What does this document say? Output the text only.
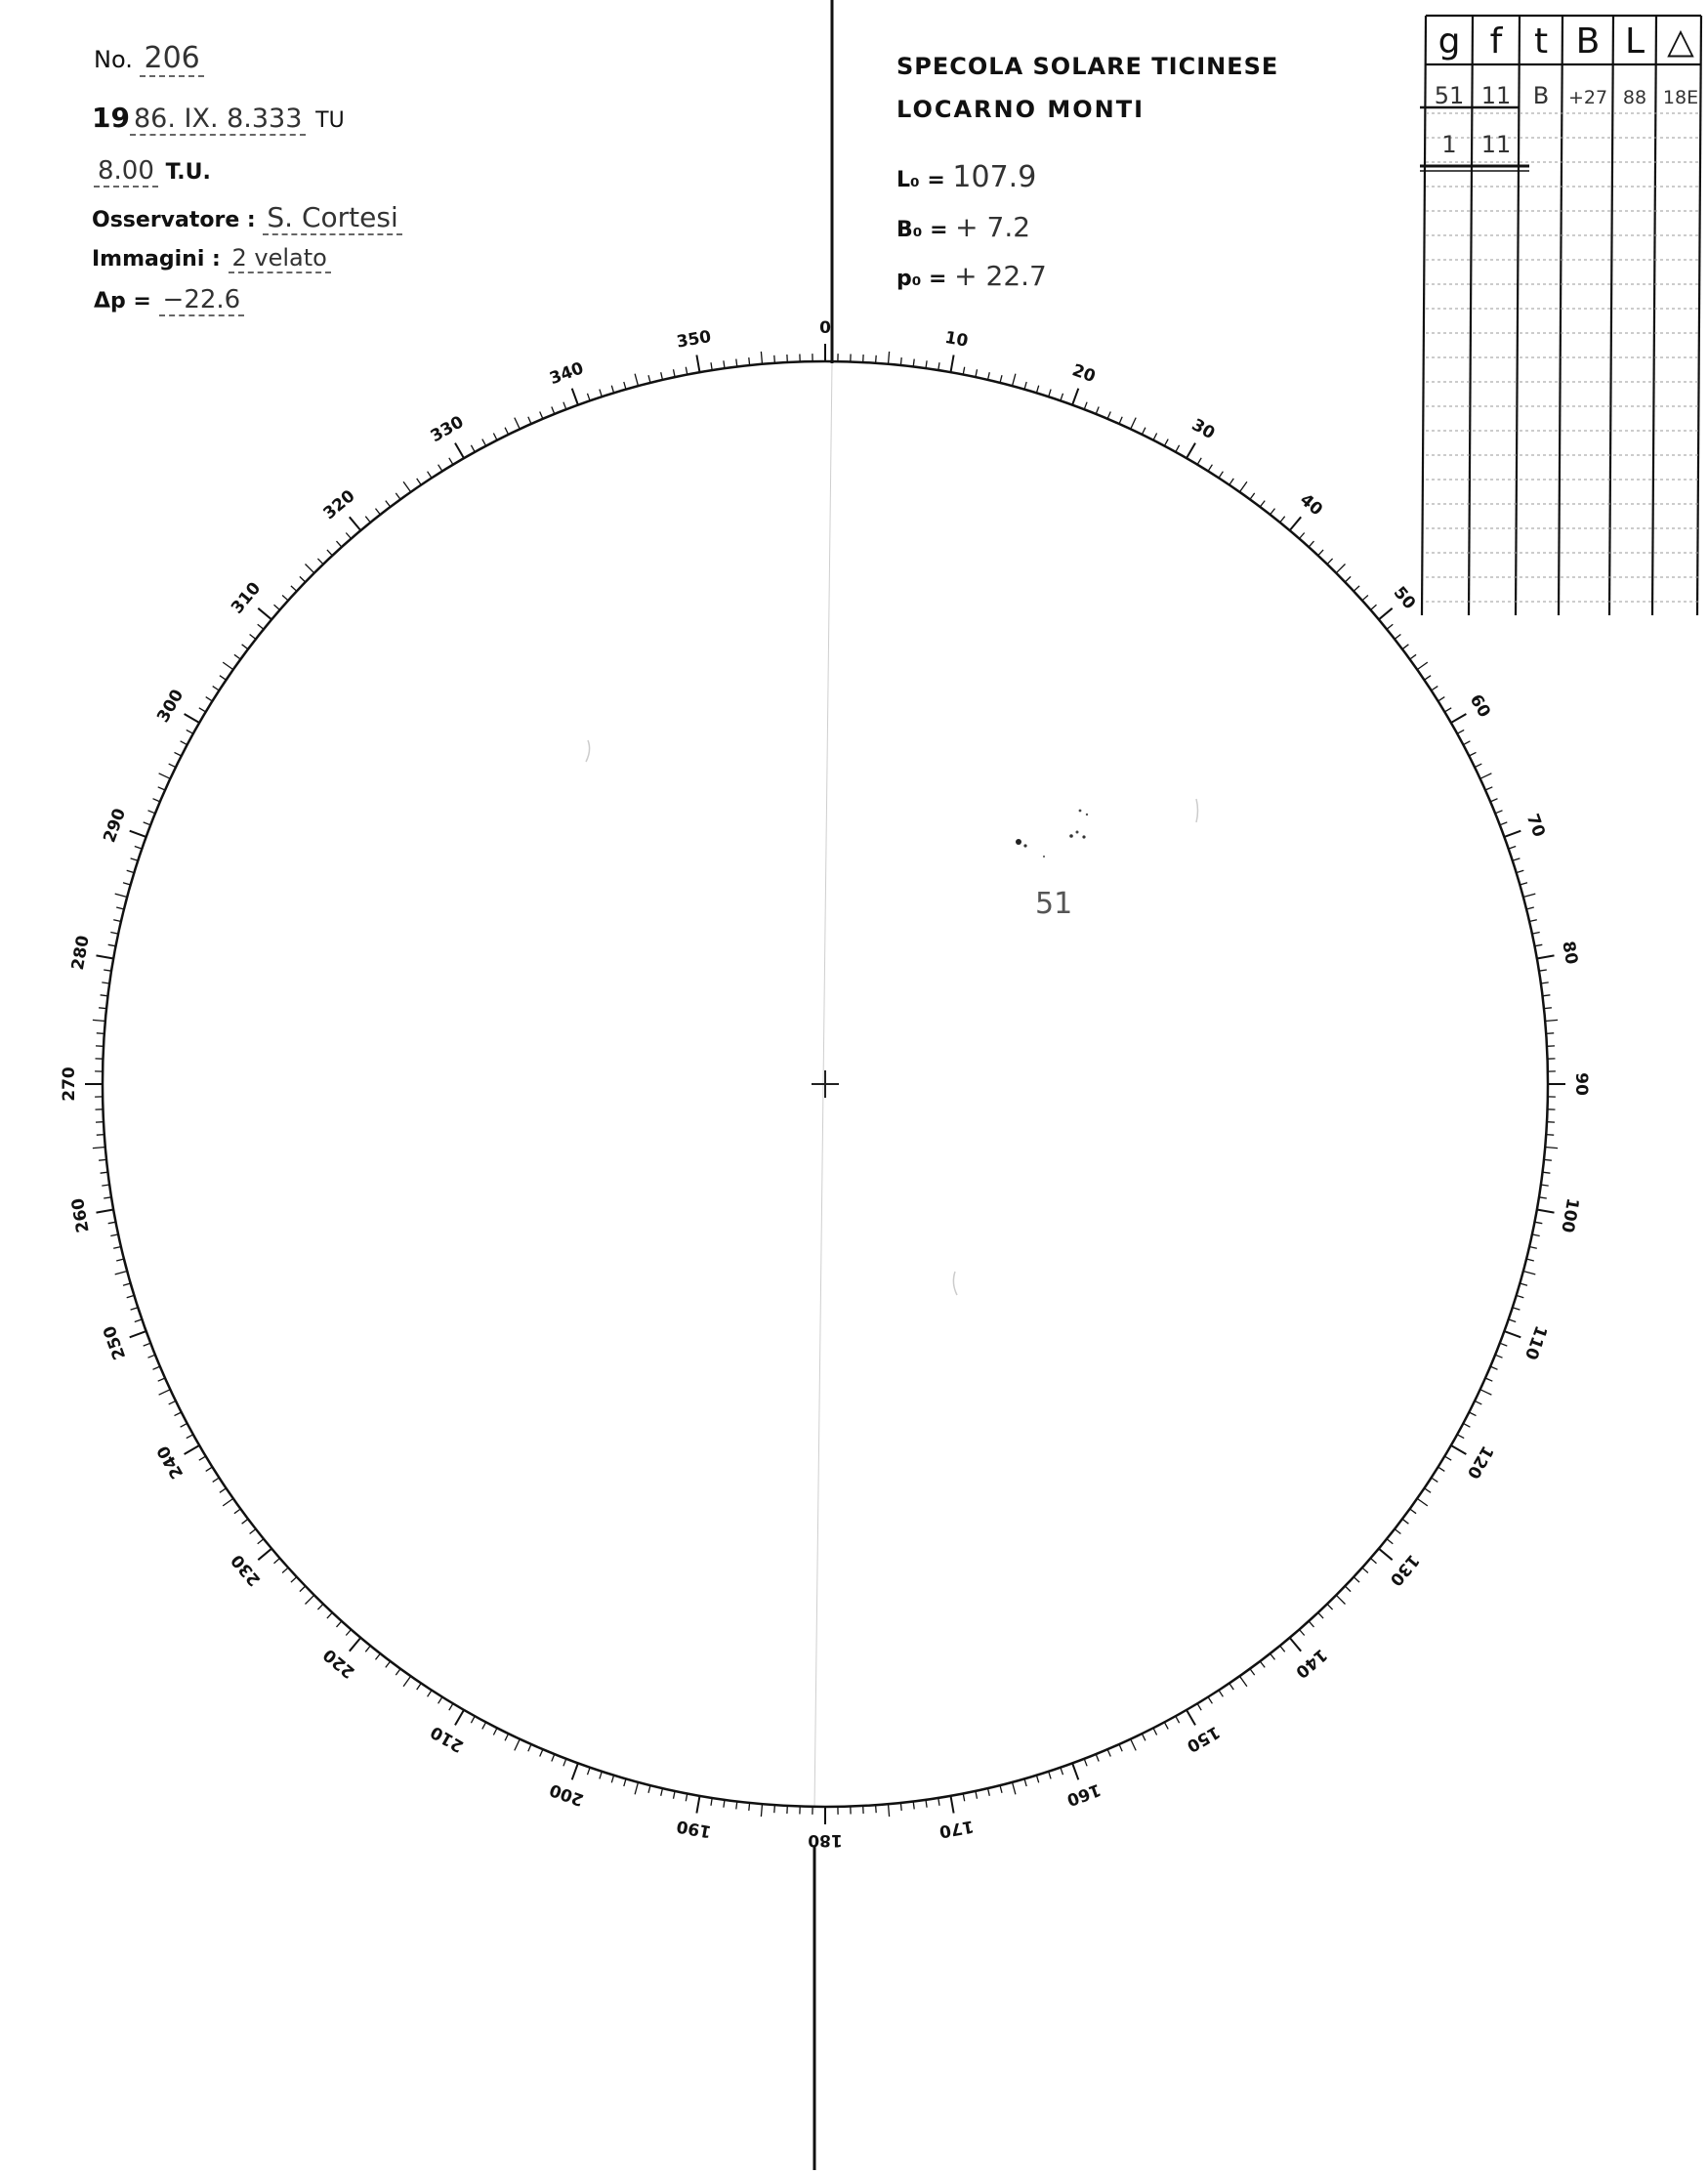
0	10
20
30
40
50
60
70
80
90
100
110
120
130
140
150
160
170
180
190
200
210
220
230
240
250
260
270
280
290
300
310
320
330
340
350
51
No. 206
19 86. IX. 8.333 TU
8.00 T.U.
Osservatore : S. Cortesi
Immagini : 2 velato
Δp = −22.6
SPECOLA SOLARE TICINESE
LOCARNO MONTI
L₀ = 107.9
B₀ = + 7.2
p₀ = + 22.7
g f t B L △
51 11 B +27 88 18E
1 11
